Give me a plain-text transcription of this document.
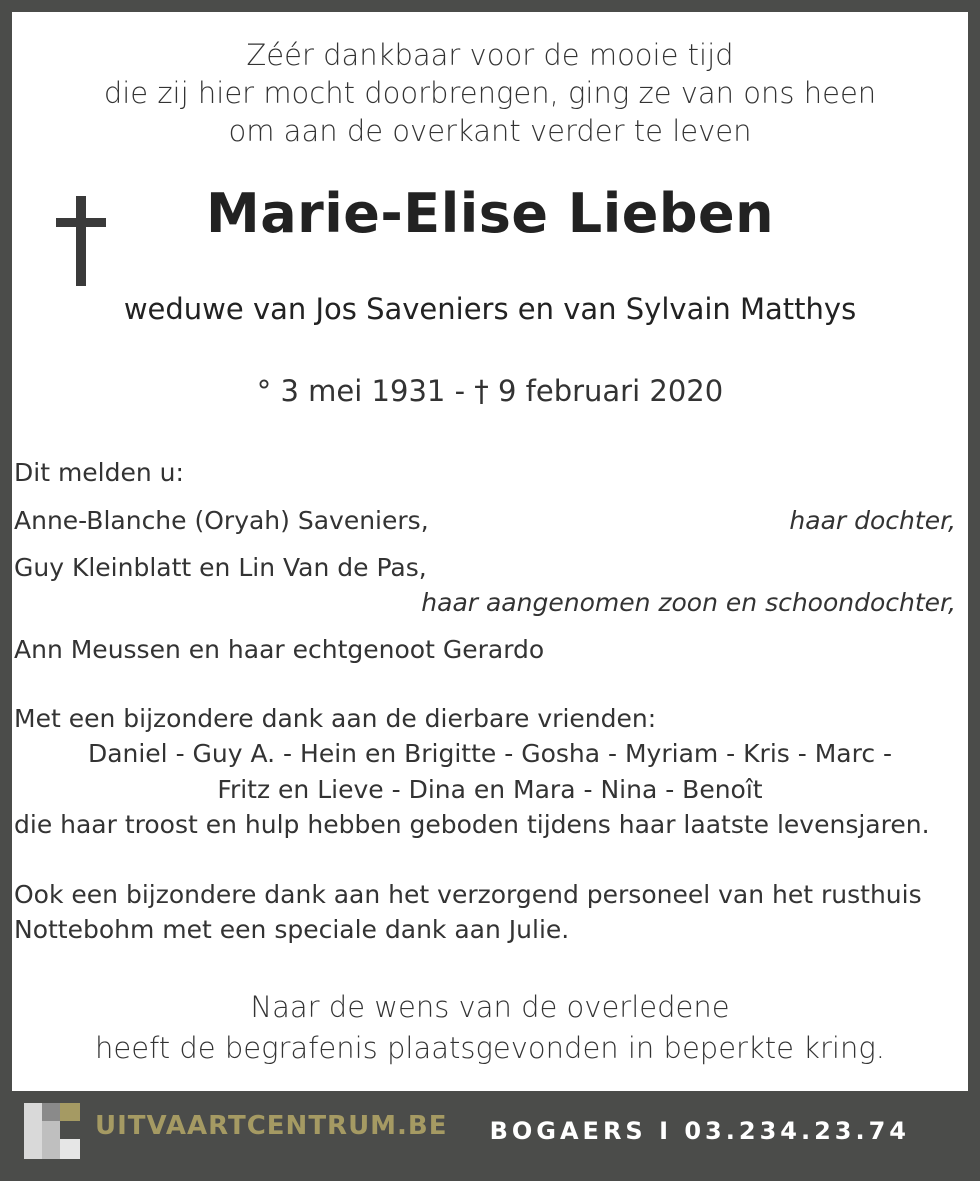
Zéér dankbaar voor de mooie tijd
die zij hier mocht doorbrengen, ging ze van ons heen
om aan de overkant verder te leven
Marie-Elise Lieben
weduwe van Jos Saveniers en van Sylvain Matthys
° 3 mei 1931 - † 9 februari 2020
Dit melden u:
Anne-Blanche (Oryah) Saveniers,	haar dochter,
Guy Kleinblatt en Lin Van de Pas,
haar aangenomen zoon en schoondochter,
Ann Meussen en haar echtgenoot Gerardo
Met een bijzondere dank aan de dierbare vrienden:
Daniel - Guy A. - Hein en Brigitte - Gosha - Myriam - Kris - Marc -
Fritz en Lieve - Dina en Mara - Nina - Benoît
die haar troost en hulp hebben geboden tijdens haar laatste levensjaren.
Ook een bijzondere dank aan het verzorgend personeel van het rusthuis
Nottebohm met een speciale dank aan Julie.
Naar de wens van de overledene
heeft de begrafenis plaatsgevonden in beperkte kring.
UITVAARTCENTRUM.BE BOGAERS I 03.234.23.74
